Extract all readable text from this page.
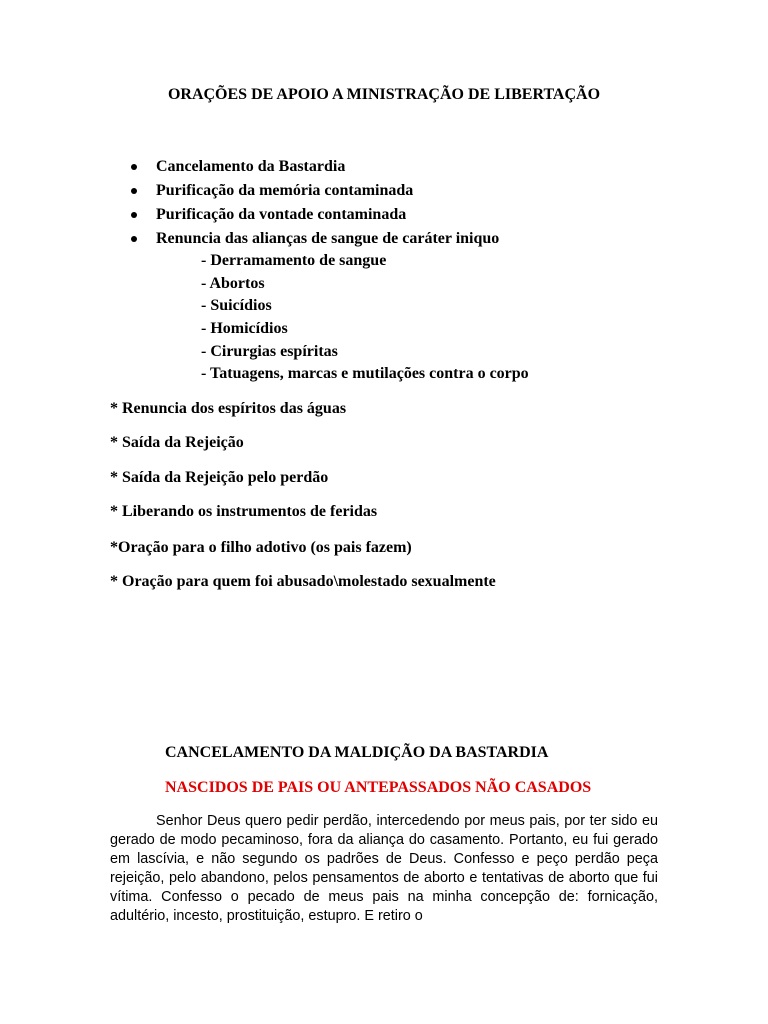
ORAÇÕES DE APOIO A MINISTRAÇÃO DE LIBERTAÇÃO
Cancelamento da Bastardia
Purificação da memória contaminada
Purificação da vontade contaminada
Renuncia das alianças de sangue de caráter iniquo
- Derramamento de sangue
- Abortos
- Suicídios
- Homicídios
- Cirurgias espíritas
- Tatuagens, marcas e mutilações contra o corpo
* Renuncia dos espíritos das águas
* Saída da Rejeição
* Saída da Rejeição pelo perdão
* Liberando os instrumentos de feridas
*Oração para o filho adotivo (os pais fazem)
* Oração para quem foi abusado\molestado sexualmente
CANCELAMENTO DA MALDIÇÃO DA BASTARDIA
NASCIDOS DE PAIS OU ANTEPASSADOS NÃO CASADOS
Senhor Deus quero pedir perdão, intercedendo por meus pais, por ter sido eu gerado de modo pecaminoso, fora da aliança do casamento. Portanto, eu fui gerado em lascívia, e não segundo os padrões de Deus. Confesso e peço perdão peça rejeição, pelo abandono, pelos pensamentos de aborto e tentativas de aborto que fui vítima. Confesso o pecado de meus pais na minha concepção de: fornicação, adultério, incesto, prostituição, estupro. E retiro o
